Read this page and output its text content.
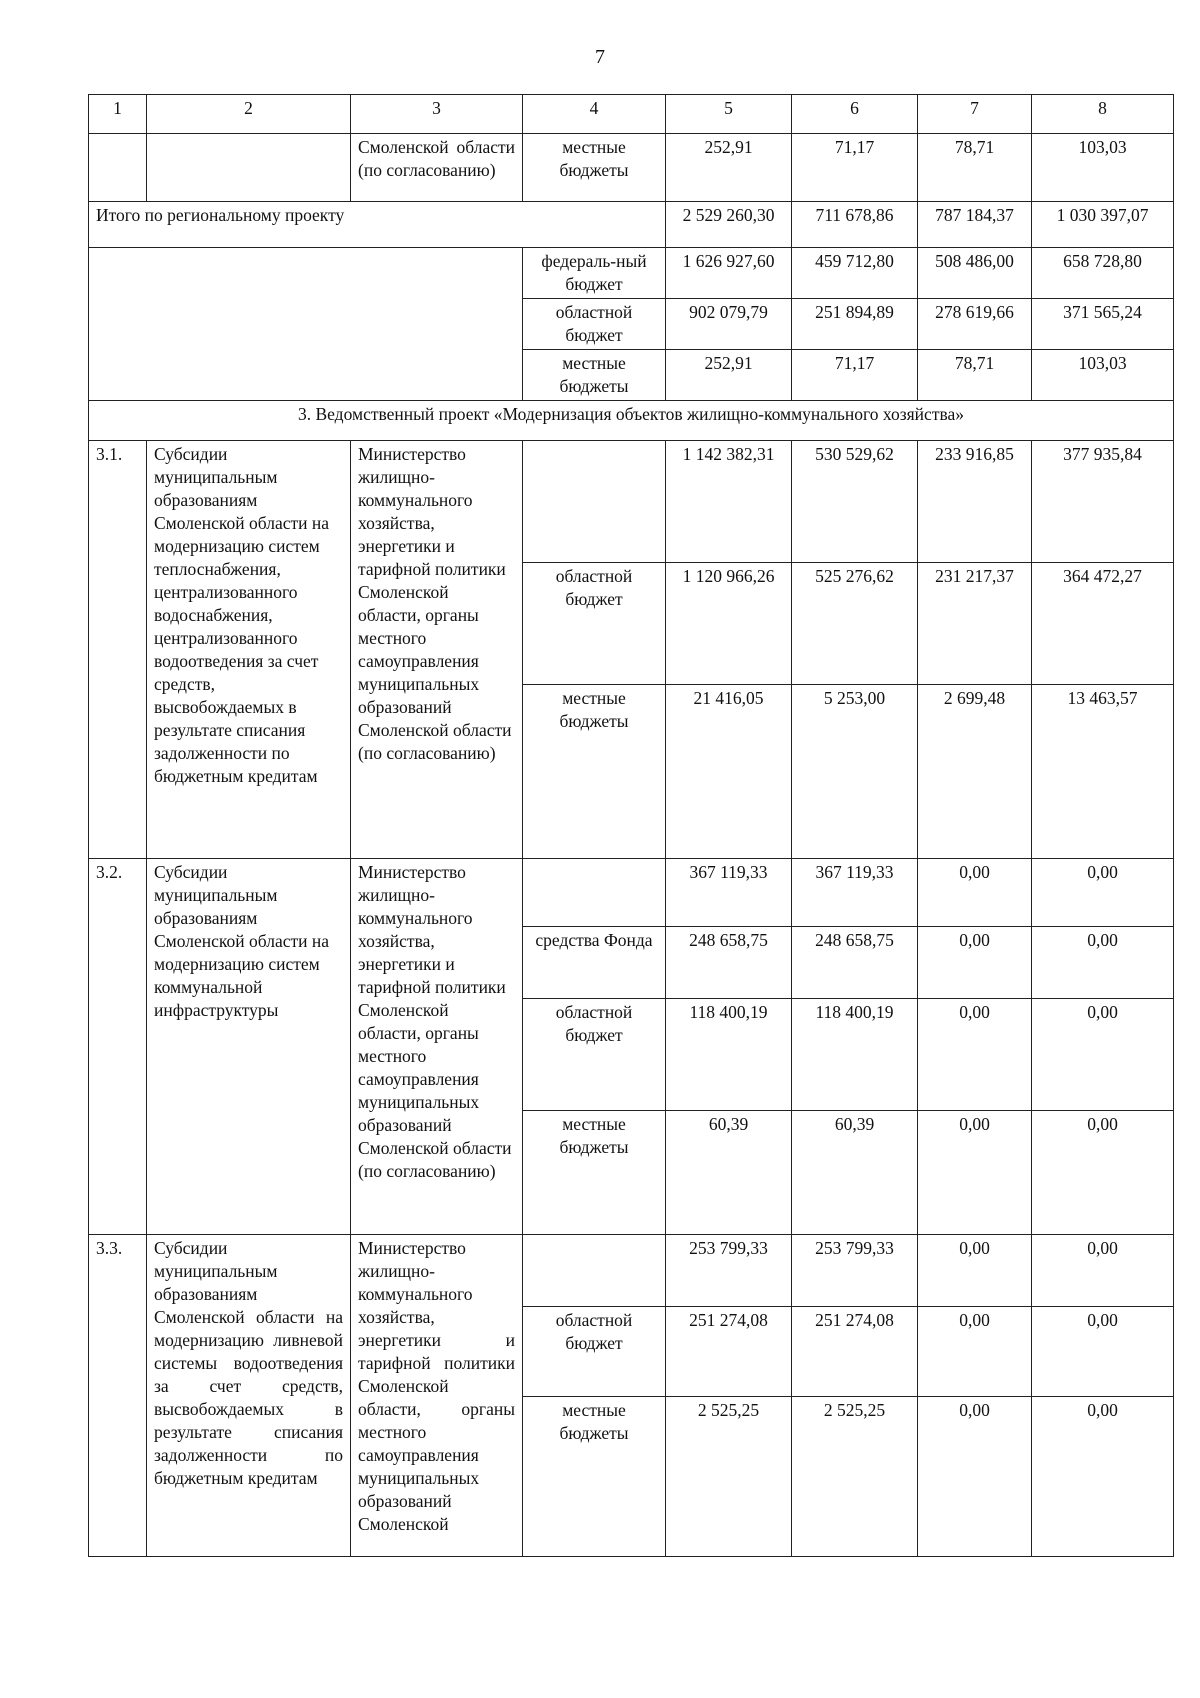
7
1	2	3	4	5	6	7	8
		Смоленской области (по согласованию)	местные бюджеты	252,91	71,17	78,71	103,03
Итого по региональному проекту				2 529 260,30	711 678,86	787 184,37	1 030 397,07
			федераль-ный бюджет	1 626 927,60	459 712,80	508 486,00	658 728,80
			областной бюджет	902 079,79	251 894,89	278 619,66	371 565,24
			местные бюджеты	252,91	71,17	78,71	103,03
3. Ведомственный проект «Модернизация объектов жилищно-коммунального хозяйства»							
3.1.	Субсидии муниципальным образованиям Смоленской области на модернизацию систем теплоснабжения, централизованного водоснабжения, централизованного водоотведения за счет средств, высвобождаемых в результате списания задолженности по бюджетным кредитам	Министерство жилищно-коммунального хозяйства, энергетики и тарифной политики Смоленской области, органы местного самоуправления муниципальных образований Смоленской области (по согласованию)		1 142 382,31	530 529,62	233 916,85	377 935,84
			областной бюджет	1 120 966,26	525 276,62	231 217,37	364 472,27
			местные бюджеты	21 416,05	5 253,00	2 699,48	13 463,57
3.2.	Субсидии муниципальным образованиям Смоленской области на модернизацию систем коммунальной инфраструктуры	Министерство жилищно-коммунального хозяйства, энергетики и тарифной политики Смоленской области, органы местного самоуправления муниципальных образований Смоленской области (по согласованию)		367 119,33	367 119,33	0,00	0,00
			средства Фонда	248 658,75	248 658,75	0,00	0,00
			областной бюджет	118 400,19	118 400,19	0,00	0,00
			местные бюджеты	60,39	60,39	0,00	0,00
3.3.	Субсидии муниципальным образованиям Смоленской области на модернизацию ливневой системы водоотведения за счет средств, высвобождаемых в результате списания задолженности по бюджетным кредитам	Министерство жилищно-коммунального хозяйства, энергетики и тарифной политики Смоленской области, органы местного самоуправления муниципальных образований Смоленской		253 799,33	253 799,33	0,00	0,00
			областной бюджет	251 274,08	251 274,08	0,00	0,00
			местные бюджеты	2 525,25	2 525,25	0,00	0,00
